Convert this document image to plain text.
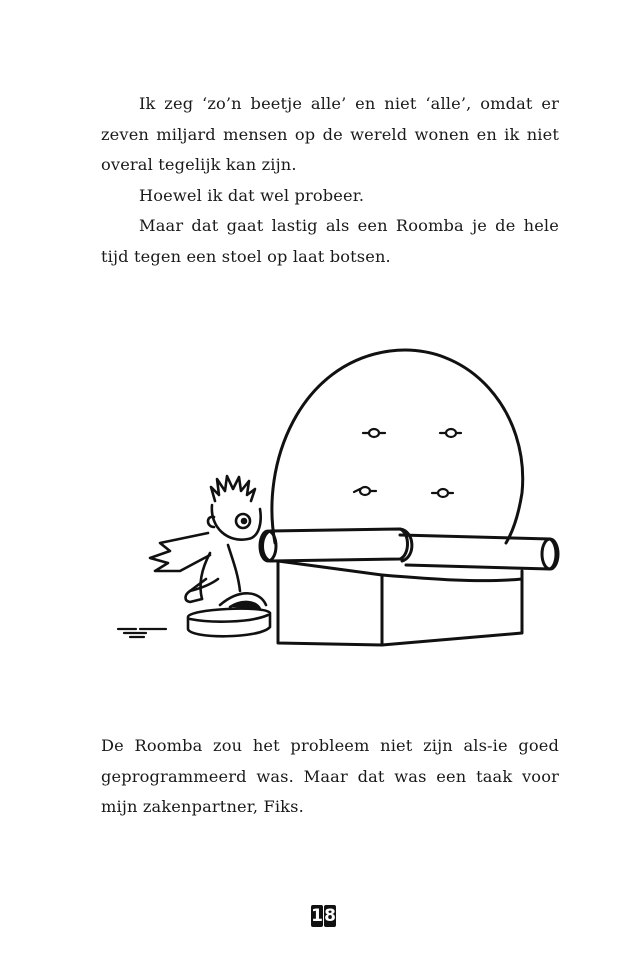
Ik zeg ‘zo’n beetje alle’ en niet ‘alle’, omdat er zeven miljard mensen op de wereld wonen en ik niet overal tegelijk kan zijn.

Hoewel ik dat wel probeer.

Maar dat gaat lastig als een Roomba je de hele tijd tegen een stoel op laat botsen.

De Roomba zou het probleem niet zijn als-ie goed geprogrammeerd was. Maar dat was een taak voor mijn zakenpartner, Fiks.

1 8
